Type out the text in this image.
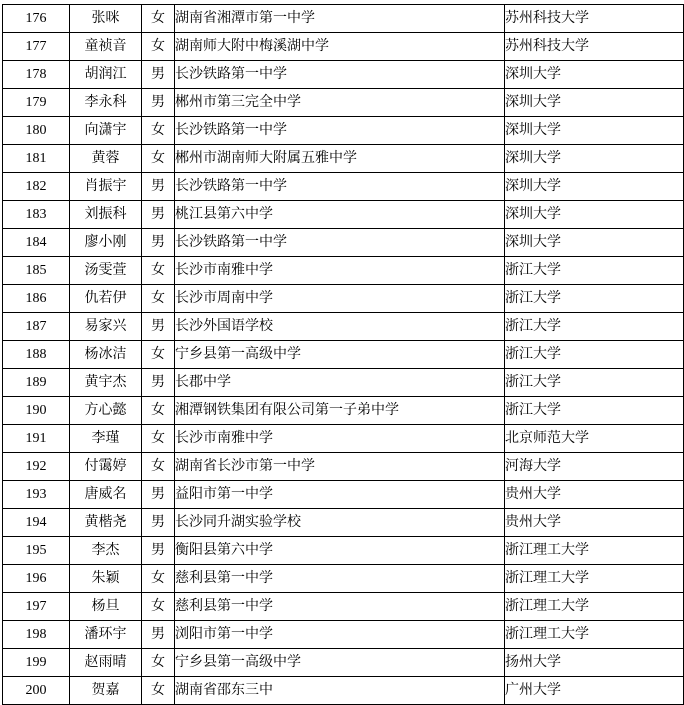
176	张咪	女	湖南省湘潭市第一中学	苏州科技大学
177	童祯音	女	湖南师大附中梅溪湖中学	苏州科技大学
178	胡润江	男	长沙铁路第一中学	深圳大学
179	李永科	男	郴州市第三完全中学	深圳大学
180	向潇宇	女	长沙铁路第一中学	深圳大学
181	黄蓉	女	郴州市湖南师大附属五雅中学	深圳大学
182	肖振宇	男	长沙铁路第一中学	深圳大学
183	刘振科	男	桃江县第六中学	深圳大学
184	廖小刚	男	长沙铁路第一中学	深圳大学
185	汤雯萱	女	长沙市南雅中学	浙江大学
186	仇若伊	女	长沙市周南中学	浙江大学
187	易家兴	男	长沙外国语学校	浙江大学
188	杨冰洁	女	宁乡县第一高级中学	浙江大学
189	黄宇杰	男	长郡中学	浙江大学
190	方心懿	女	湘潭钢铁集团有限公司第一子弟中学	浙江大学
191	李瑾	女	长沙市南雅中学	北京师范大学
192	付霭婷	女	湖南省长沙市第一中学	河海大学
193	唐威名	男	益阳市第一中学	贵州大学
194	黄楷尧	男	长沙同升湖实验学校	贵州大学
195	李杰	男	衡阳县第六中学	浙江理工大学
196	朱颖	女	慈利县第一中学	浙江理工大学
197	杨旦	女	慈利县第一中学	浙江理工大学
198	潘环宇	男	浏阳市第一中学	浙江理工大学
199	赵雨晴	女	宁乡县第一高级中学	扬州大学
200	贺嘉	女	湖南省邵东三中	广州大学
